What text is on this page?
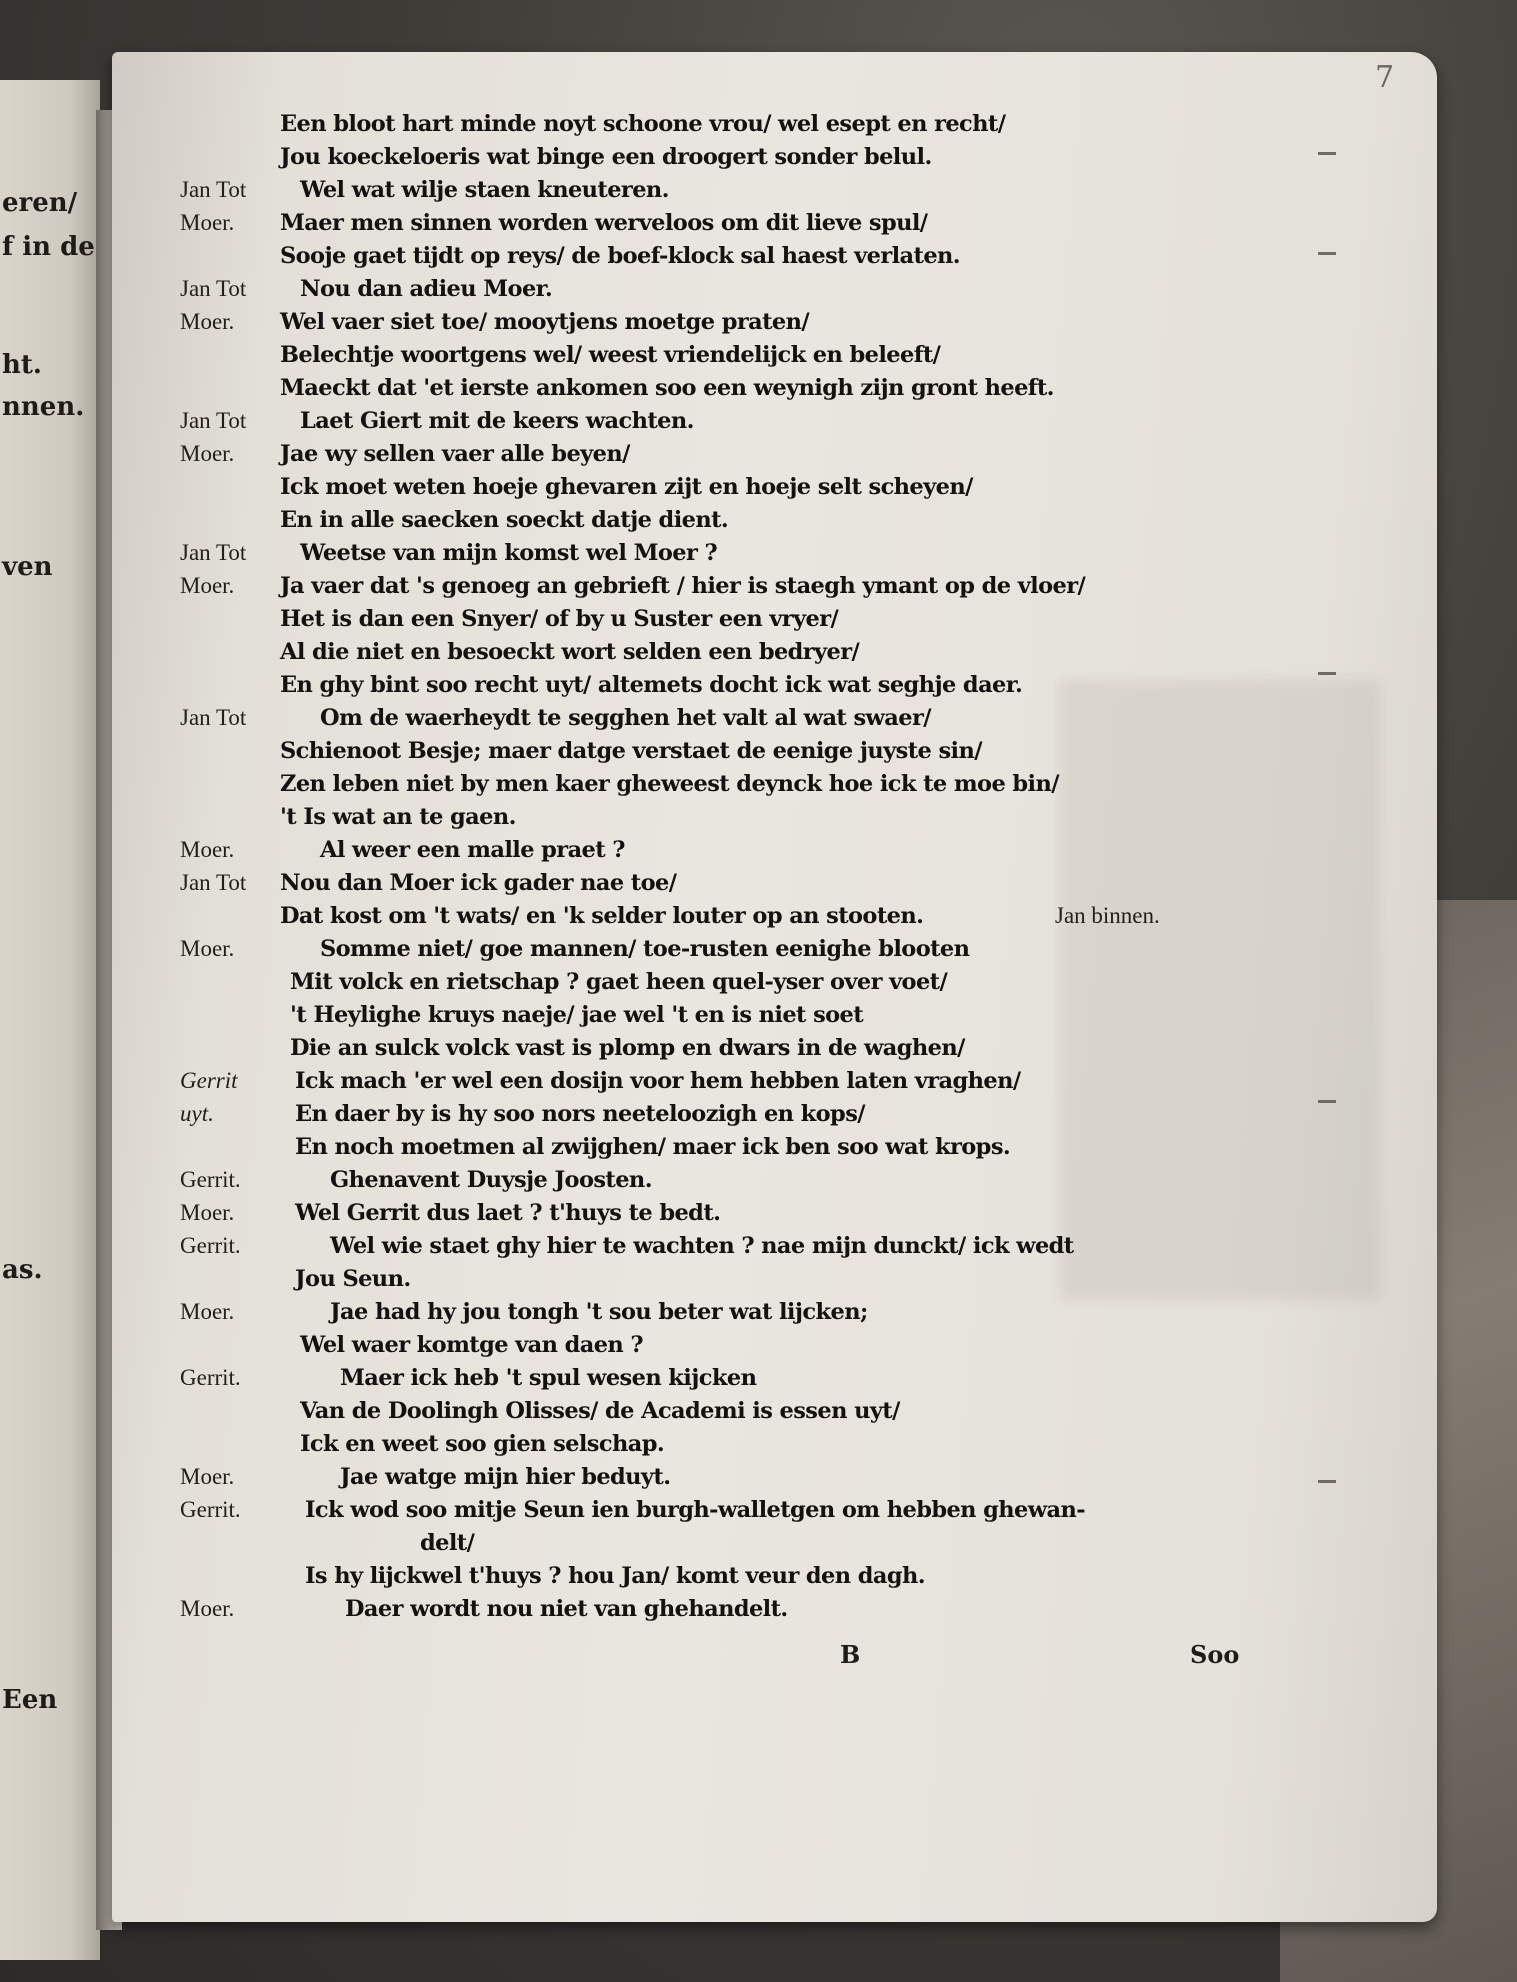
eren/
f in de
ht.
nnen.
ven
as.
Een
7
Een bloot hart minde noyt schoone vrou/ wel esept en recht/
Jou koeckeloeris wat binge een droogert sonder belul.
Jan Tot Wel wat wilje staen kneuteren.
Moer. Maer men sinnen worden werveloos om dit lieve spul/
Sooje gaet tijdt op reys/ de boef-klock sal haest verlaten.
Jan Tot Nou dan adieu Moer.
Moer. Wel vaer siet toe/ mooytjens moetge praten/
Belechtje woortgens wel/ weest vriendelijck en beleeft/
Maeckt dat 'et ierste ankomen soo een weynigh zijn gront heeft.
Jan Tot Laet Giert mit de keers wachten.
Moer. Jae wy sellen vaer alle beyen/
Ick moet weten hoeje ghevaren zijt en hoeje selt scheyen/
En in alle saecken soeckt datje dient.
Jan Tot Weetse van mijn komst wel Moer ?
Moer. Ja vaer dat 's genoeg an gebrieft / hier is staegh ymant op de vloer/
Het is dan een Snyer/ of by u Suster een vryer/
Al die niet en besoeckt wort selden een bedryer/
En ghy bint soo recht uyt/ altemets docht ick wat seghje daer.
Jan Tot	Om de waerheydt te segghen het valt al wat swaer/
Schienoot Besje; maer datge verstaet de eenige juyste sin/
Zen leben niet by men kaer gheweest deynck hoe ick te moe bin/
't Is wat an te gaen.
Moer.	Al weer een malle praet ?
Jan Tot Nou dan Moer ick gader nae toe/
Dat kost om 't wats/ en 'k selder louter op an stooten.	Jan binnen.
Moer.	Somme niet/ goe mannen/ toe-rusten eenighe blooten
Mit volck en rietschap ? gaet heen quel-yser over voet/
't Heylighe kruys naeje/ jae wel 't en is niet soet
Die an sulck volck vast is plomp en dwars in de waghen/
Gerrit	Ick mach 'er wel een dosijn voor hem hebben laten vraghen/
uyt.	En daer by is hy soo nors neeteloozigh en kops/
En noch moetmen al zwijghen/ maer ick ben soo wat krops.
Gerrit.	Ghenavent Duysje Joosten.
Moer.	Wel Gerrit dus laet ? t'huys te bedt.
Gerrit.	Wel wie staet ghy hier te wachten ? nae mijn dunckt/ ick wedt
Jou Seun.
Moer.	Jae had hy jou tongh 't sou beter wat lijcken;
Wel waer komtge van daen ?
Gerrit.	Maer ick heb 't spul wesen kijcken
Van de Doolingh Olisses/ de Academi is essen uyt/
Ick en weet soo gien selschap.
Moer.	Jae watge mijn hier beduyt.
Gerrit.	Ick wod soo mitje Seun ien burgh-walletgen om hebben ghewan-
delt/
Is hy lijckwel t'huys ? hou Jan/ komt veur den dagh.
Moer.	Daer wordt nou niet van ghehandelt.
B	Soo
